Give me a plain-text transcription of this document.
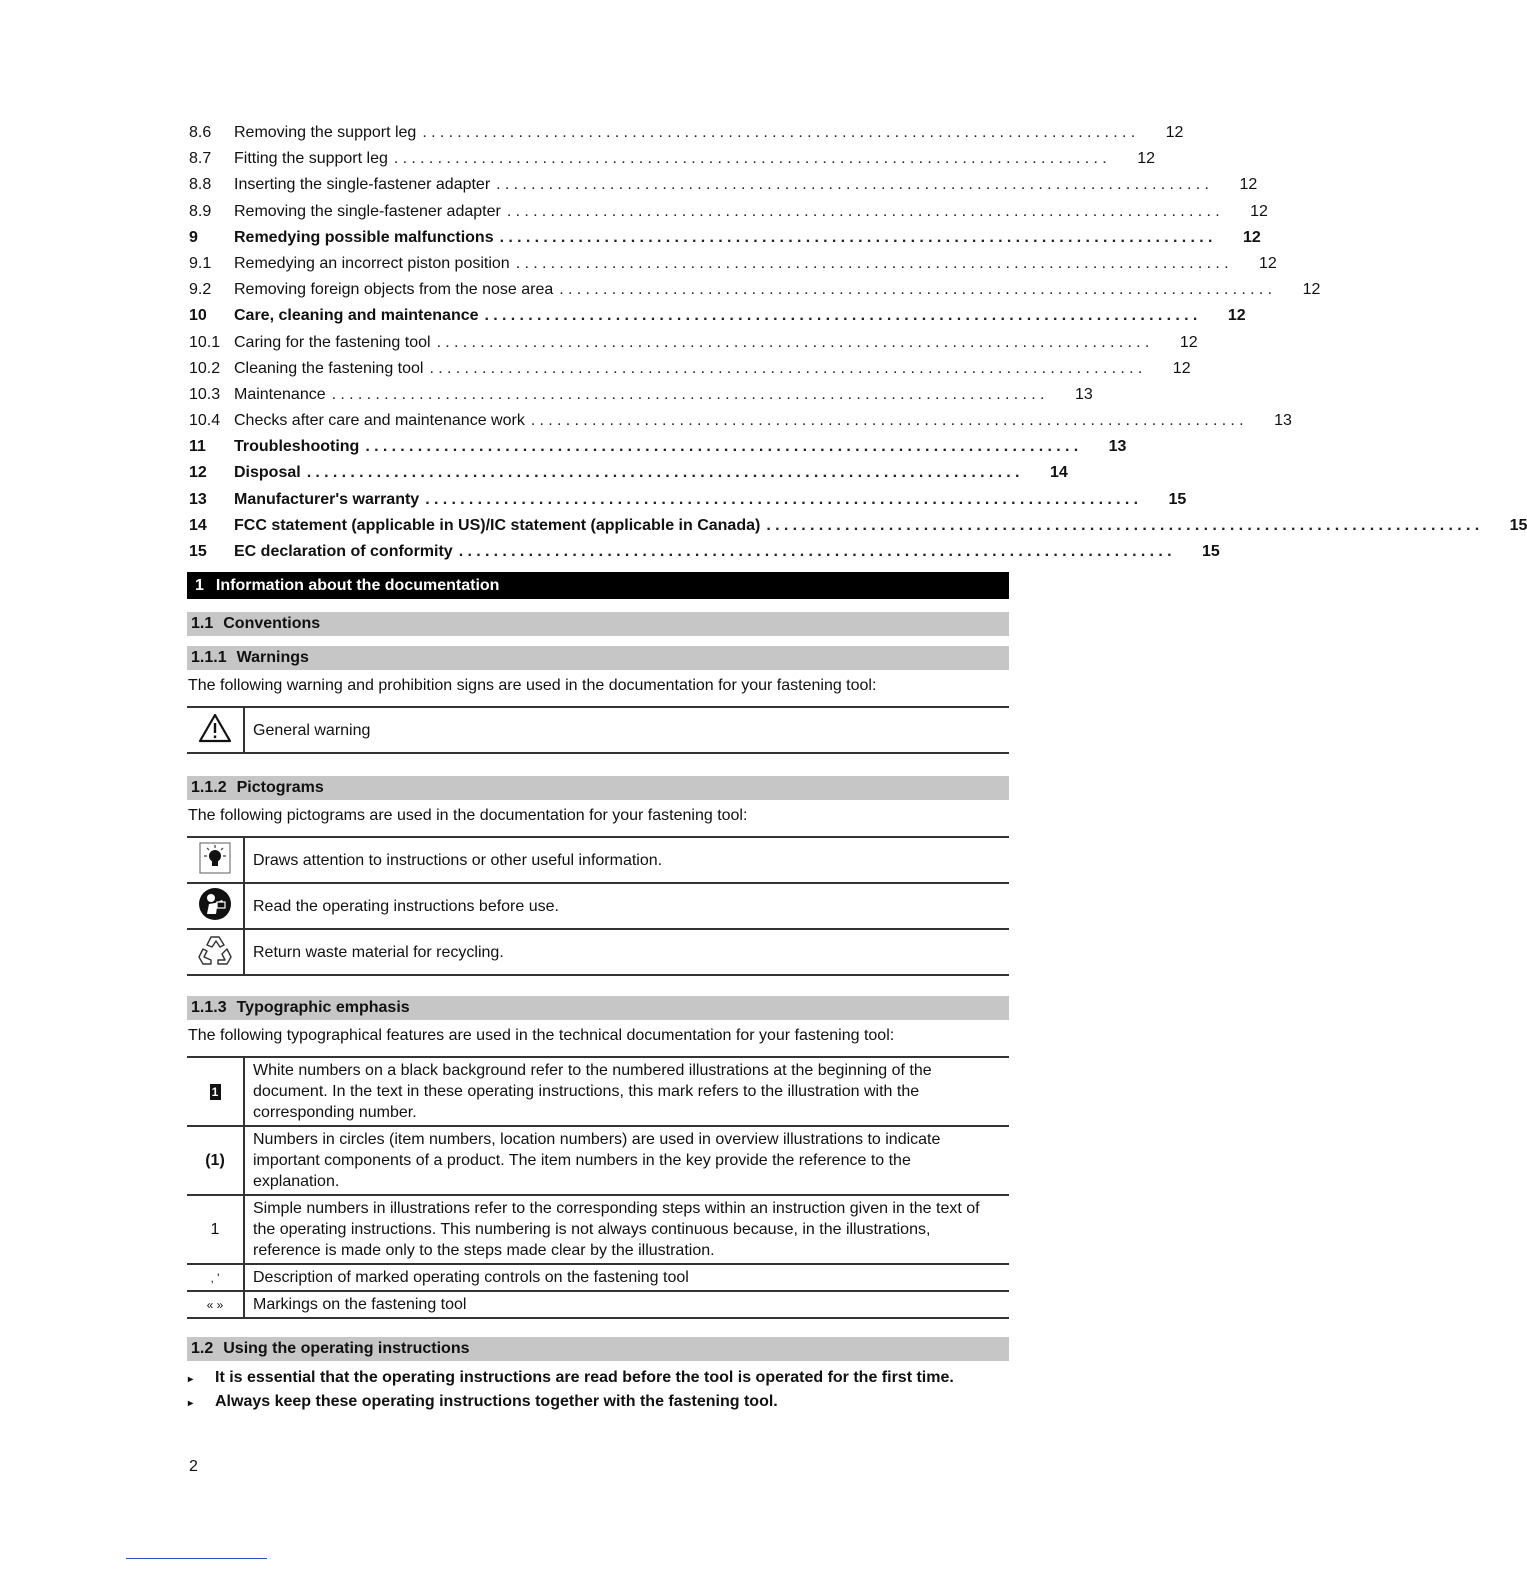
8.6	Removing the support leg ..................................................................................	12
8.7	Fitting the support leg ..................................................................................	12
8.8	Inserting the single-fastener adapter ..................................................................................	12
8.9	Removing the single-fastener adapter ..................................................................................	12
9	Remedying possible malfunctions ..................................................................................	12
9.1	Remedying an incorrect piston position ..................................................................................	12
9.2	Removing foreign objects from the nose area ..................................................................................	12
10	Care, cleaning and maintenance ..................................................................................	12
10.1 Caring for the fastening tool ..................................................................................	12
10.2 Cleaning the fastening tool ..................................................................................	12
10.3 Maintenance ..................................................................................	13
10.4 Checks after care and maintenance work ..................................................................................	13
11	Troubleshooting ..................................................................................	13
12	Disposal ..................................................................................	14
13	Manufacturer's warranty ..................................................................................	15
14	FCC statement (applicable in US)/IC statement (applicable in Canada) ..................................................................................	15
15	EC declaration of conformity ..................................................................................	15
1 Information about the documentation
1.1 Conventions
1.1.1 Warnings
The following warning and prohibition signs are used in the documentation for your fastening tool:
	General warning
1.1.2 Pictograms
The following pictograms are used in the documentation for your fastening tool:
	Draws attention to instructions or other useful information.
	Read the operating instructions before use.
	Return waste material for recycling.
1.1.3 Typographic emphasis
The following typographical features are used in the technical documentation for your fastening tool:
1	White numbers on a black background refer to the numbered illustrations at the beginning of the document. In the text in these operating instructions, this mark refers to the illustration with the corresponding number.
(1)	Numbers in circles (item numbers, location numbers) are used in overview illustrations to indicate important components of a product. The item numbers in the key provide the reference to the explanation.
1	Simple numbers in illustrations refer to the corresponding steps within an instruction given in the text of the operating instructions. This numbering is not always continuous because, in the illustrations, reference is made only to the steps made clear by the illustration.
, '	Description of marked operating controls on the fastening tool
« »	Markings on the fastening tool
1.2 Using the operating instructions
▸	It is essential that the operating instructions are read before the tool is operated for the first time.
▸	Always keep these operating instructions together with the fastening tool.
2
